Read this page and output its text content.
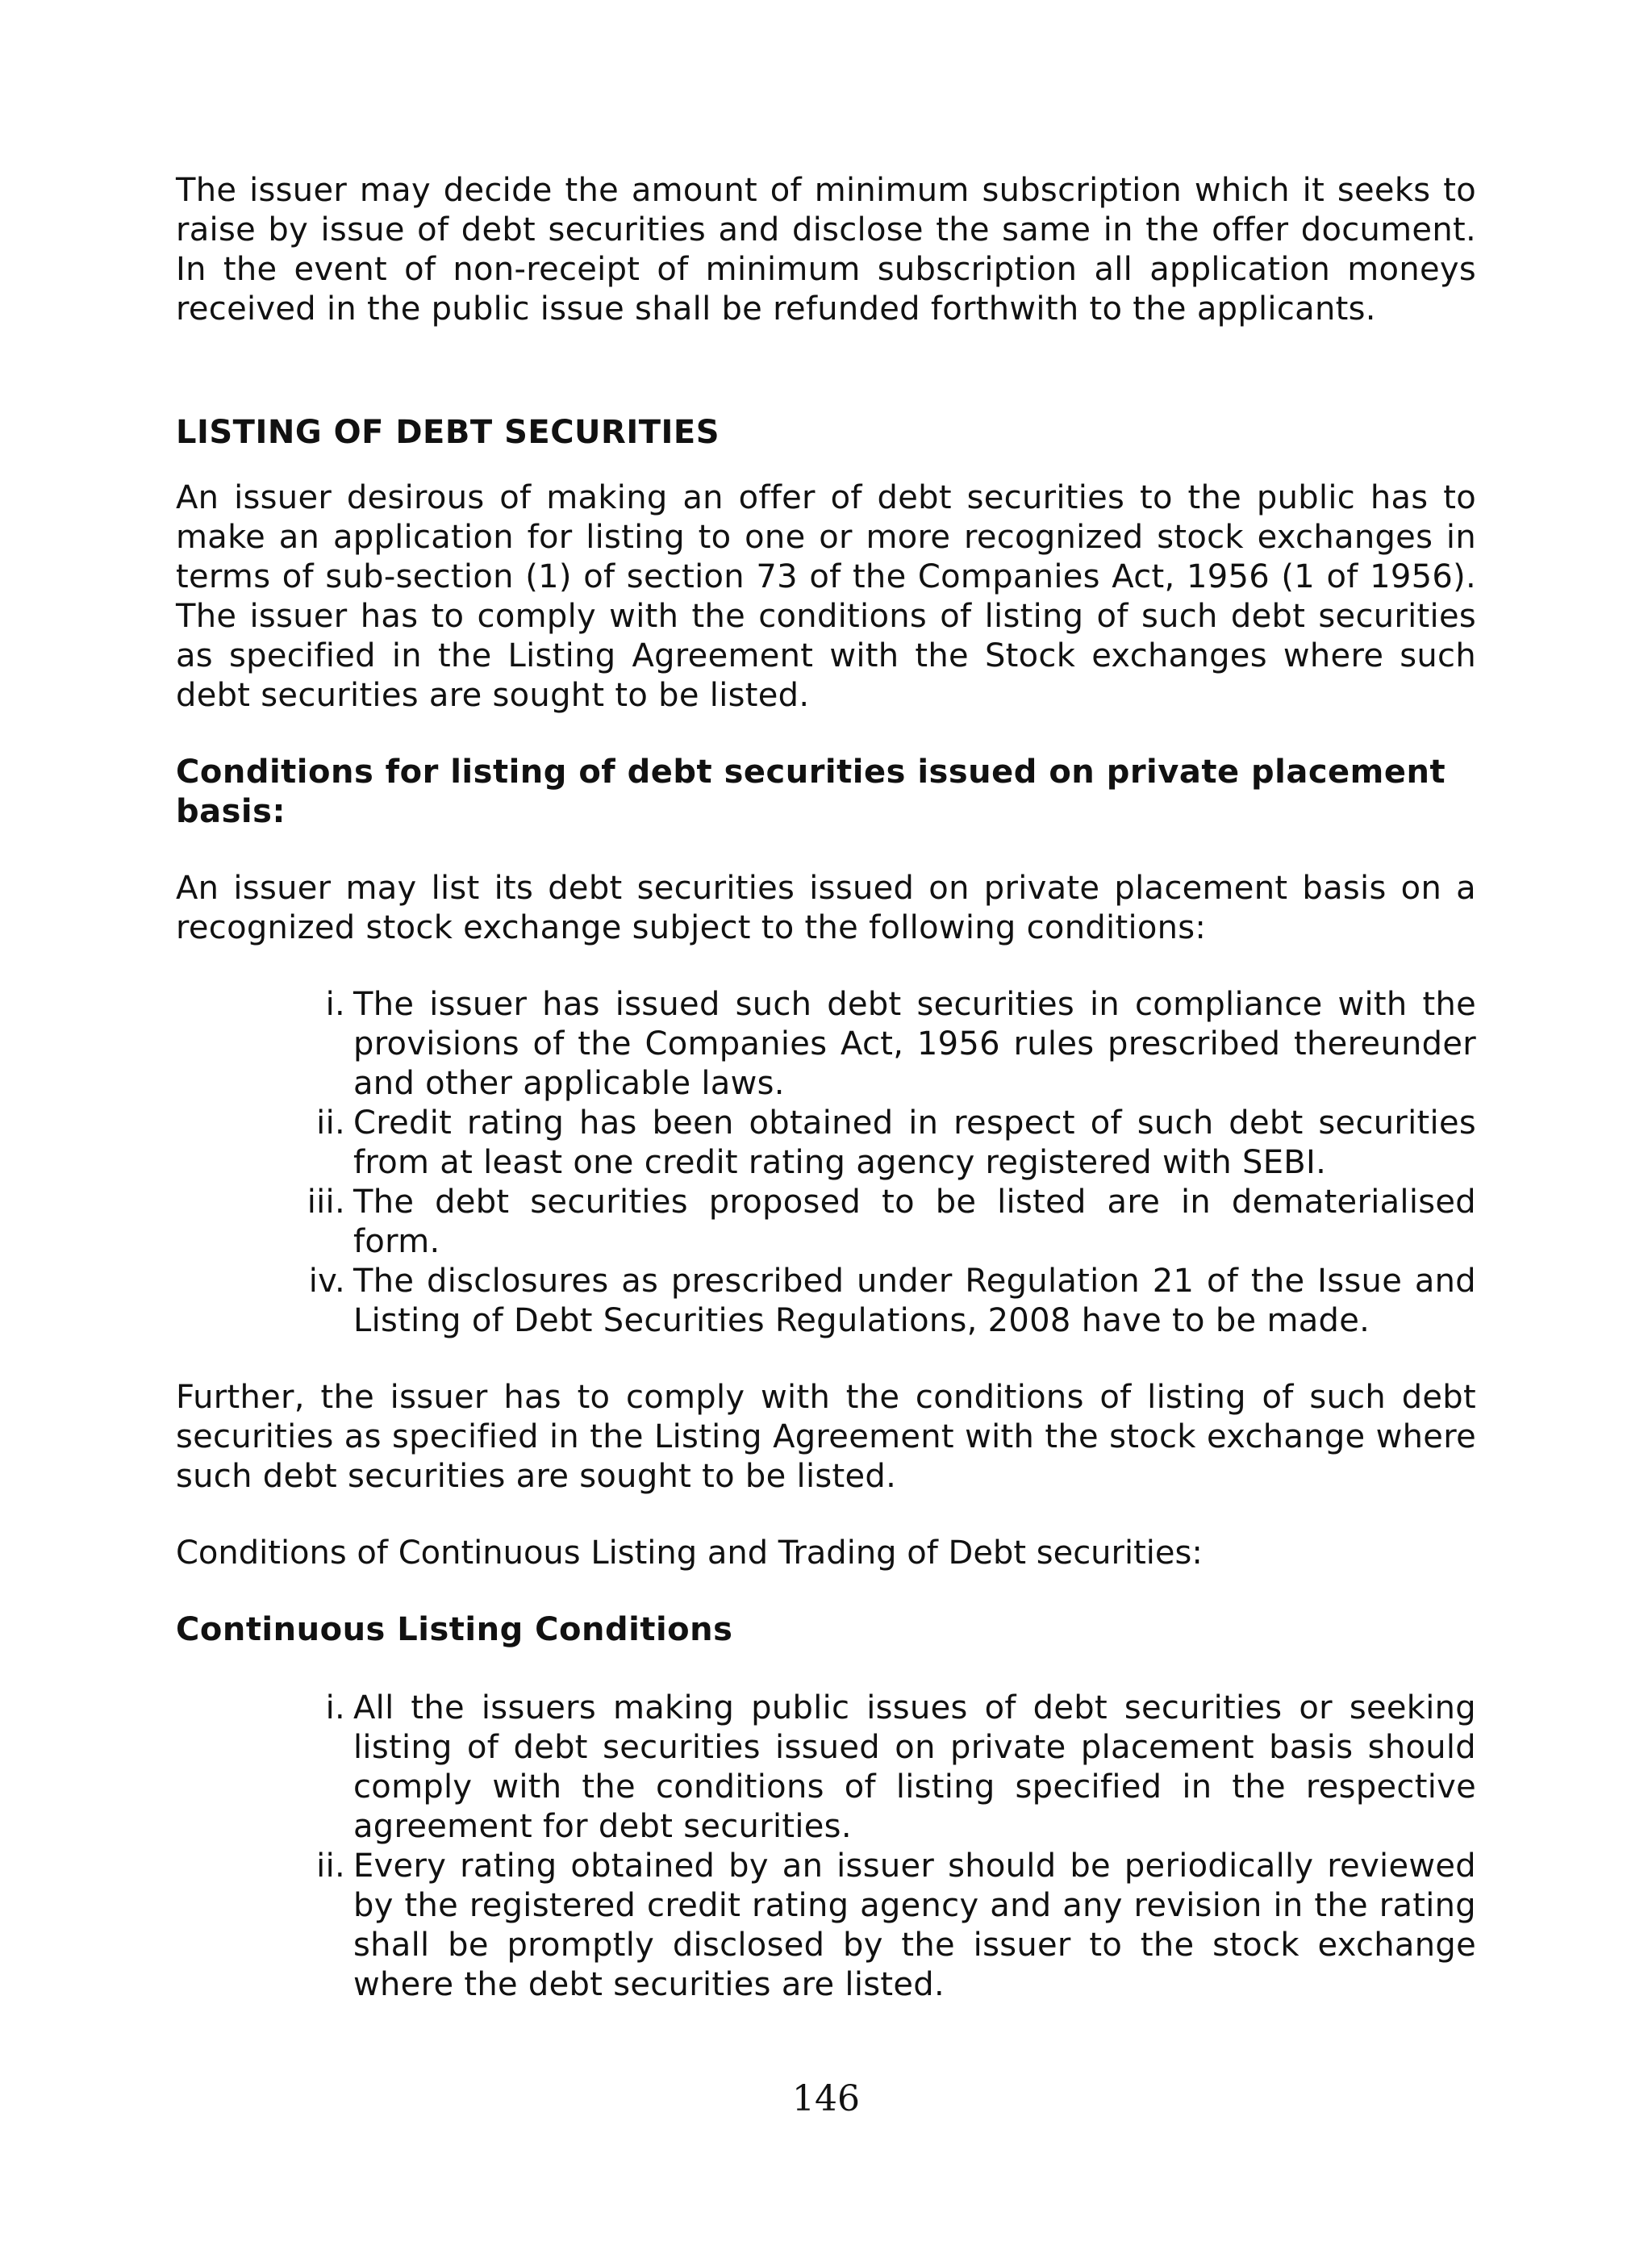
The issuer may decide the amount of minimum subscription which it seeks to raise by issue of debt securities and disclose the same in the offer document. In the event of non-receipt of minimum subscription all application moneys received in the public issue shall be refunded forthwith to the applicants.

LISTING OF DEBT SECURITIES

An issuer desirous of making an offer of debt securities to the public has to make an application for listing to one or more recognized stock exchanges in terms of sub-section (1) of section 73 of the Companies Act, 1956 (1 of 1956). The issuer has to comply with the conditions of listing of such debt securities as specified in the Listing Agreement with the Stock exchanges where such debt securities are sought to be listed.

Conditions for listing of debt securities issued on private placement basis:

An issuer may list its debt securities issued on private placement basis on a recognized stock exchange subject to the following conditions:

i. The issuer has issued such debt securities in compliance with the provisions of the Companies Act, 1956 rules prescribed thereunder and other applicable laws.
ii. Credit rating has been obtained in respect of such debt securities from at least one credit rating agency registered with SEBI.
iii. The debt securities proposed to be listed are in dematerialised form.
iv. The disclosures as prescribed under Regulation 21 of the Issue and Listing of Debt Securities Regulations, 2008 have to be made.

Further, the issuer has to comply with the conditions of listing of such debt securities as specified in the Listing Agreement with the stock exchange where such debt securities are sought to be listed.

Conditions of Continuous Listing and Trading of Debt securities:

Continuous Listing Conditions
i. All the issuers making public issues of debt securities or seeking listing of debt securities issued on private placement basis should comply with the conditions of listing specified in the respective agreement for debt securities.
ii. Every rating obtained by an issuer should be periodically reviewed by the registered credit rating agency and any revision in the rating shall be promptly disclosed by the issuer to the stock exchange where the debt securities are listed.
146
